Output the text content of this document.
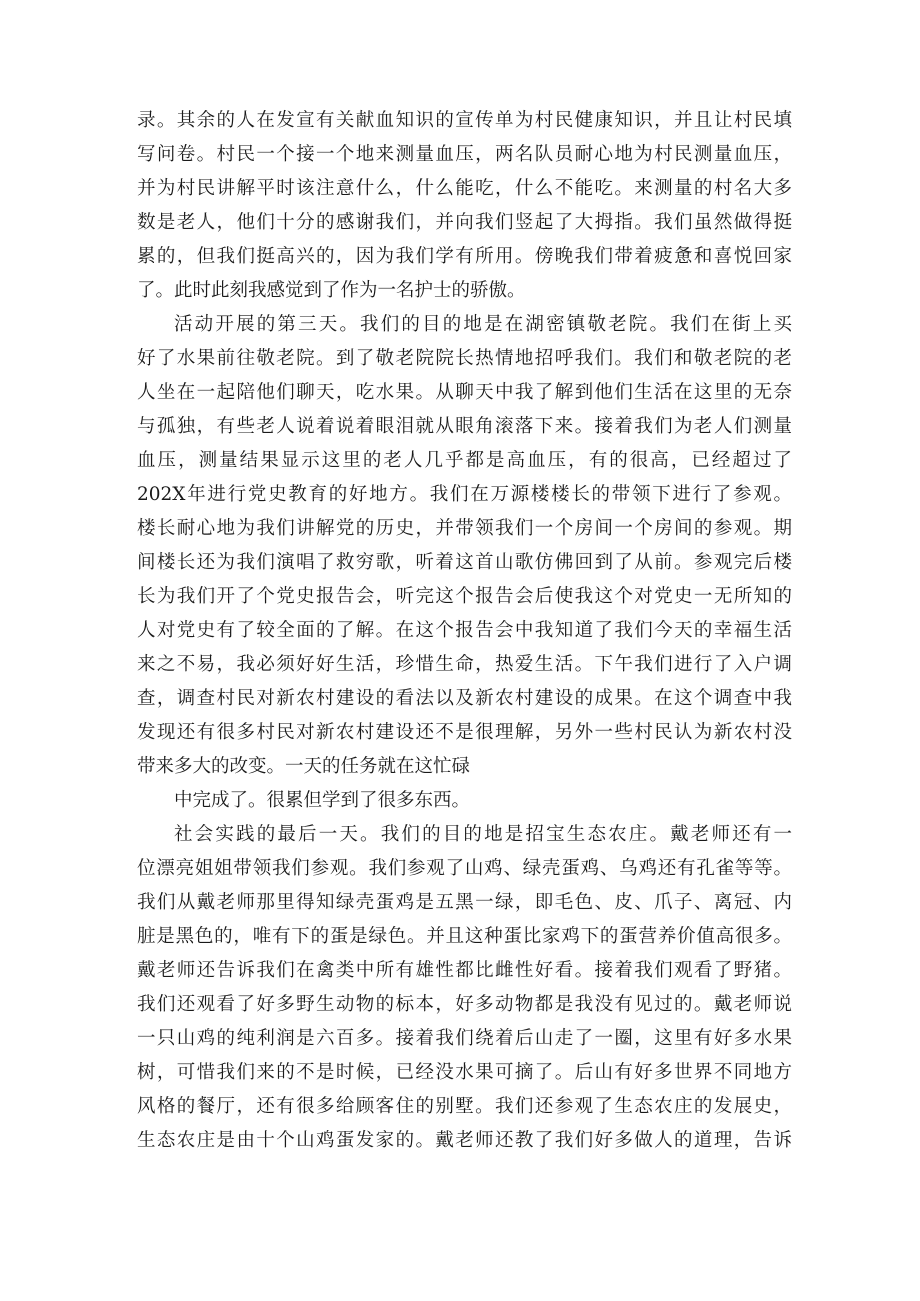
录。其余的人在发宣有关献血知识的宣传单为村民健康知识，并且让村民填
写问卷。村民一个接一个地来测量血压，两名队员耐心地为村民测量血压，
并为村民讲解平时该注意什么，什么能吃，什么不能吃。来测量的村名大多
数是老人，他们十分的感谢我们，并向我们竖起了大拇指。我们虽然做得挺
累的，但我们挺高兴的，因为我们学有所用。傍晚我们带着疲惫和喜悦回家
了。此时此刻我感觉到了作为一名护士的骄傲。
活动开展的第三天。我们的目的地是在湖密镇敬老院。我们在街上买
好了水果前往敬老院。到了敬老院院长热情地招呼我们。我们和敬老院的老
人坐在一起陪他们聊天，吃水果。从聊天中我了解到他们生活在这里的无奈
与孤独，有些老人说着说着眼泪就从眼角滚落下来。接着我们为老人们测量
血压，测量结果显示这里的老人几乎都是高血压，有的很高，已经超过了
202X年进行党史教育的好地方。我们在万源楼楼长的带领下进行了参观。
楼长耐心地为我们讲解党的历史，并带领我们一个房间一个房间的参观。期
间楼长还为我们演唱了救穷歌，听着这首山歌仿佛回到了从前。参观完后楼
长为我们开了个党史报告会，听完这个报告会后使我这个对党史一无所知的
人对党史有了较全面的了解。在这个报告会中我知道了我们今天的幸福生活
来之不易，我必须好好生活，珍惜生命，热爱生活。下午我们进行了入户调
查，调查村民对新农村建设的看法以及新农村建设的成果。在这个调查中我
发现还有很多村民对新农村建设还不是很理解，另外一些村民认为新农村没
带来多大的改变。一天的任务就在这忙碌
中完成了。很累但学到了很多东西。
社会实践的最后一天。我们的目的地是招宝生态农庄。戴老师还有一
位漂亮姐姐带领我们参观。我们参观了山鸡、绿壳蛋鸡、乌鸡还有孔雀等等。
我们从戴老师那里得知绿壳蛋鸡是五黑一绿，即毛色、皮、爪子、离冠、内
脏是黑色的，唯有下的蛋是绿色。并且这种蛋比家鸡下的蛋营养价值高很多。
戴老师还告诉我们在禽类中所有雄性都比雌性好看。接着我们观看了野猪。
我们还观看了好多野生动物的标本，好多动物都是我没有见过的。戴老师说
一只山鸡的纯利润是六百多。接着我们绕着后山走了一圈，这里有好多水果
树，可惜我们来的不是时候，已经没水果可摘了。后山有好多世界不同地方
风格的餐厅，还有很多给顾客住的别墅。我们还参观了生态农庄的发展史，
生态农庄是由十个山鸡蛋发家的。戴老师还教了我们好多做人的道理，告诉
